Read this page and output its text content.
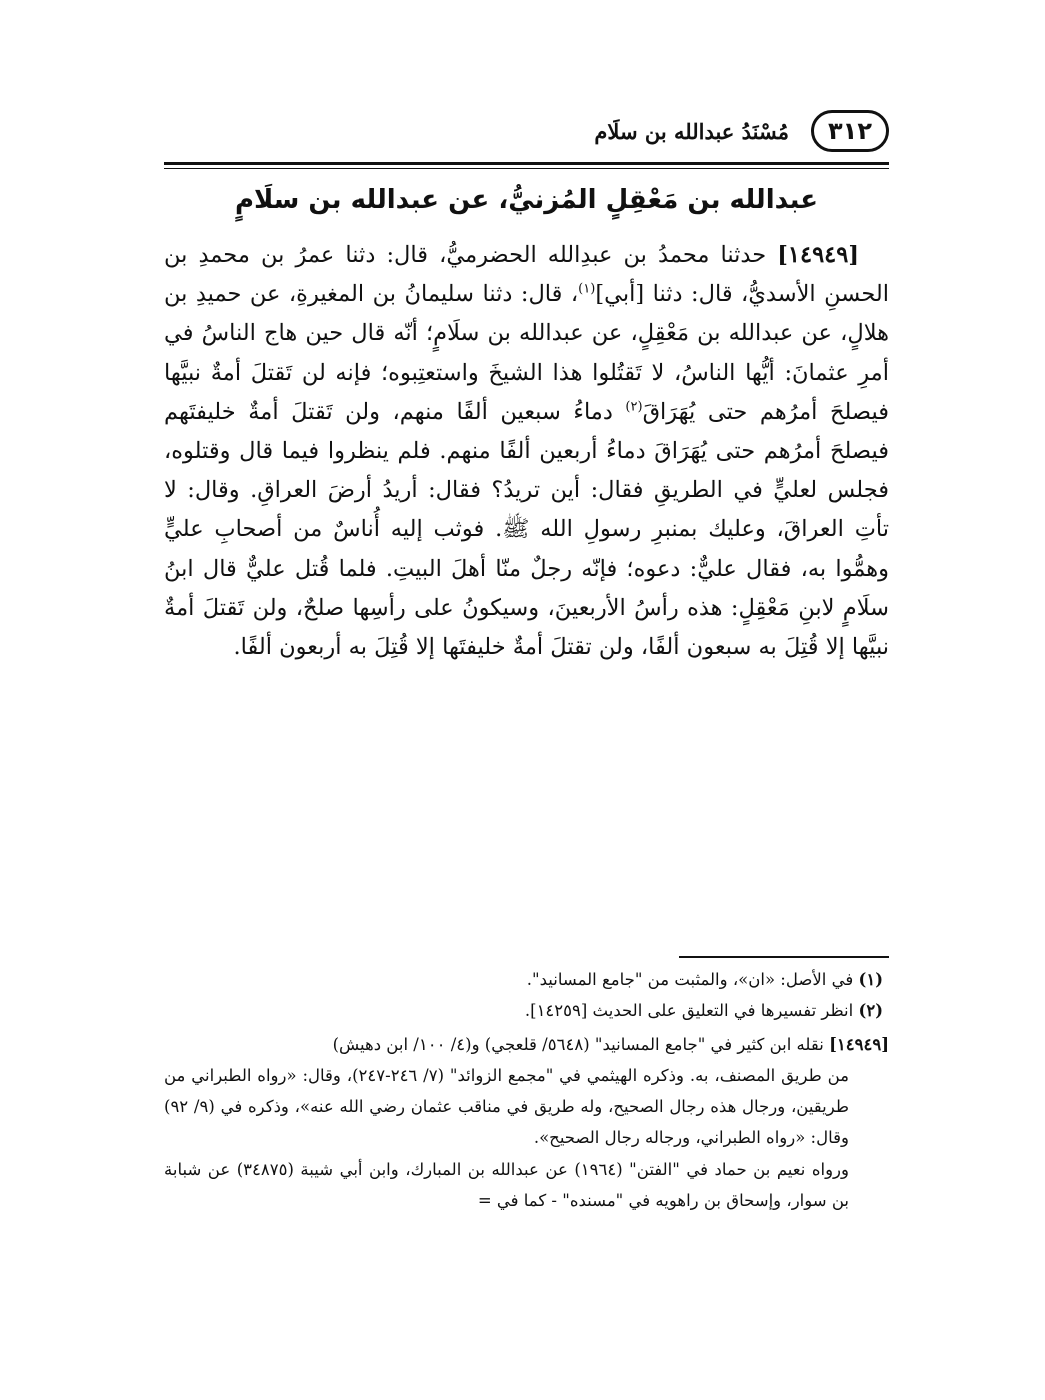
٣١٢
مُسْنَدُ عبدالله بن سلَام
عبدالله بن مَعْقِلٍ المُزنيُّ، عن عبدالله بن سلَامٍ
[١٤٩٤٩] حدثنا محمدُ بن عبدِالله الحضرميُّ، قال: دثنا عمرُ بن محمدِ بن الحسنِ الأسديُّ، قال: دثنا [أبي]$^{(١)}$، قال: دثنا سليمانُ بن المغيرةِ، عن حميدِ بن هلالٍ، عن عبدالله بن مَعْقِلٍ، عن عبدالله بن سلَامٍ؛ أنّه قال حين هاج الناسُ في أمرِ عثمانَ: أيُّها الناسُ، لا تَقتُلوا هذا الشيخَ واستعتِبوه؛ فإنه لن تَقتلَ أمةٌ نبيَّها فيصلحَ أمرُهم حتى يُهَرَاقَ$^{(٢)}$ دماءُ سبعين ألفًا منهم، ولن تَقتلَ أمةٌ خليفتَهم فيصلحَ أمرُهم حتى يُهَرَاقَ دماءُ أربعين ألفًا منهم. فلم ينظروا فيما قال وقتلوه، فجلس لعليٍّ في الطريقِ فقال: أين تريدُ؟ فقال: أريدُ أرضَ العراقِ. وقال: لا تأتِ العراقَ، وعليك بمنبرِ رسولِ الله ﷺ. فوثب إليه أُناسٌ من أصحابِ عليٍّ وهمُّوا به، فقال عليٌّ: دعوه؛ فإنّه رجلٌ منّا أهلَ البيتِ. فلما قُتل عليٌّ قال ابنُ سلَامٍ لابنِ مَعْقِلٍ: هذه رأسُ الأربعينَ، وسيكونُ على رأسِها صلحٌ، ولن تَقتلَ أمةٌ نبيَّها إلا قُتِلَ به سبعون ألفًا، ولن تقتلَ أمةٌ خليفتَها إلا قُتِلَ به أربعون ألفًا.
(١) في الأصل: «ان»، والمثبت من "جامع المسانيد".
(٢) انظر تفسيرها في التعليق على الحديث [١٤٢٥٩].
[١٤٩٤٩] نقله ابن كثير في "جامع المسانيد" (٥٦٤٨/ قلعجي) و(٤/ ١٠٠/ ابن دهيش)
من طريق المصنف، به. وذكره الهيثمي في "مجمع الزوائد" (٧/ ٢٤٦-٢٤٧)، وقال: «رواه الطبراني من طريقين، ورجال هذه رجال الصحيح، وله طريق في مناقب عثمان رضي الله عنه»، وذكره في (٩/ ٩٢) وقال: «رواه الطبراني، ورجاله رجال الصحيح».
ورواه نعيم بن حماد في "الفتن" (١٩٦٤) عن عبدالله بن المبارك، وابن أبي شيبة (٣٤٨٧٥) عن شبابة بن سوار، وإسحاق بن راهويه في "مسنده" - كما في =
